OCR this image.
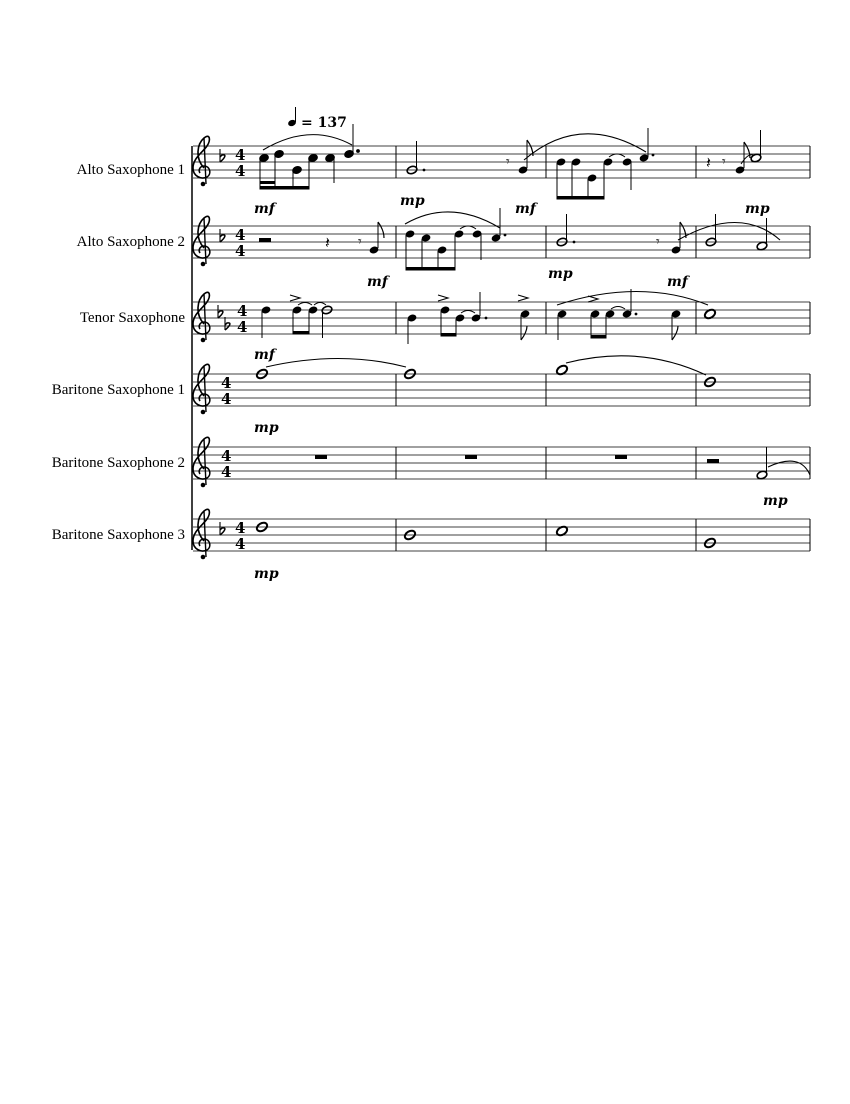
Alto Saxophone 1
Alto Saxophone 2
Tenor Saxophone
Baritone Saxophone 1
Baritone Saxophone 2
Baritone Saxophone 3
4
4
= 137
𝄾	𝄽 𝄾
mf	mp	mf	mp
4
4	𝄽 𝄾	𝄾
mf	mp	mf
4
4
mf
4
4
mp
4
4
mp
4
4
mp
